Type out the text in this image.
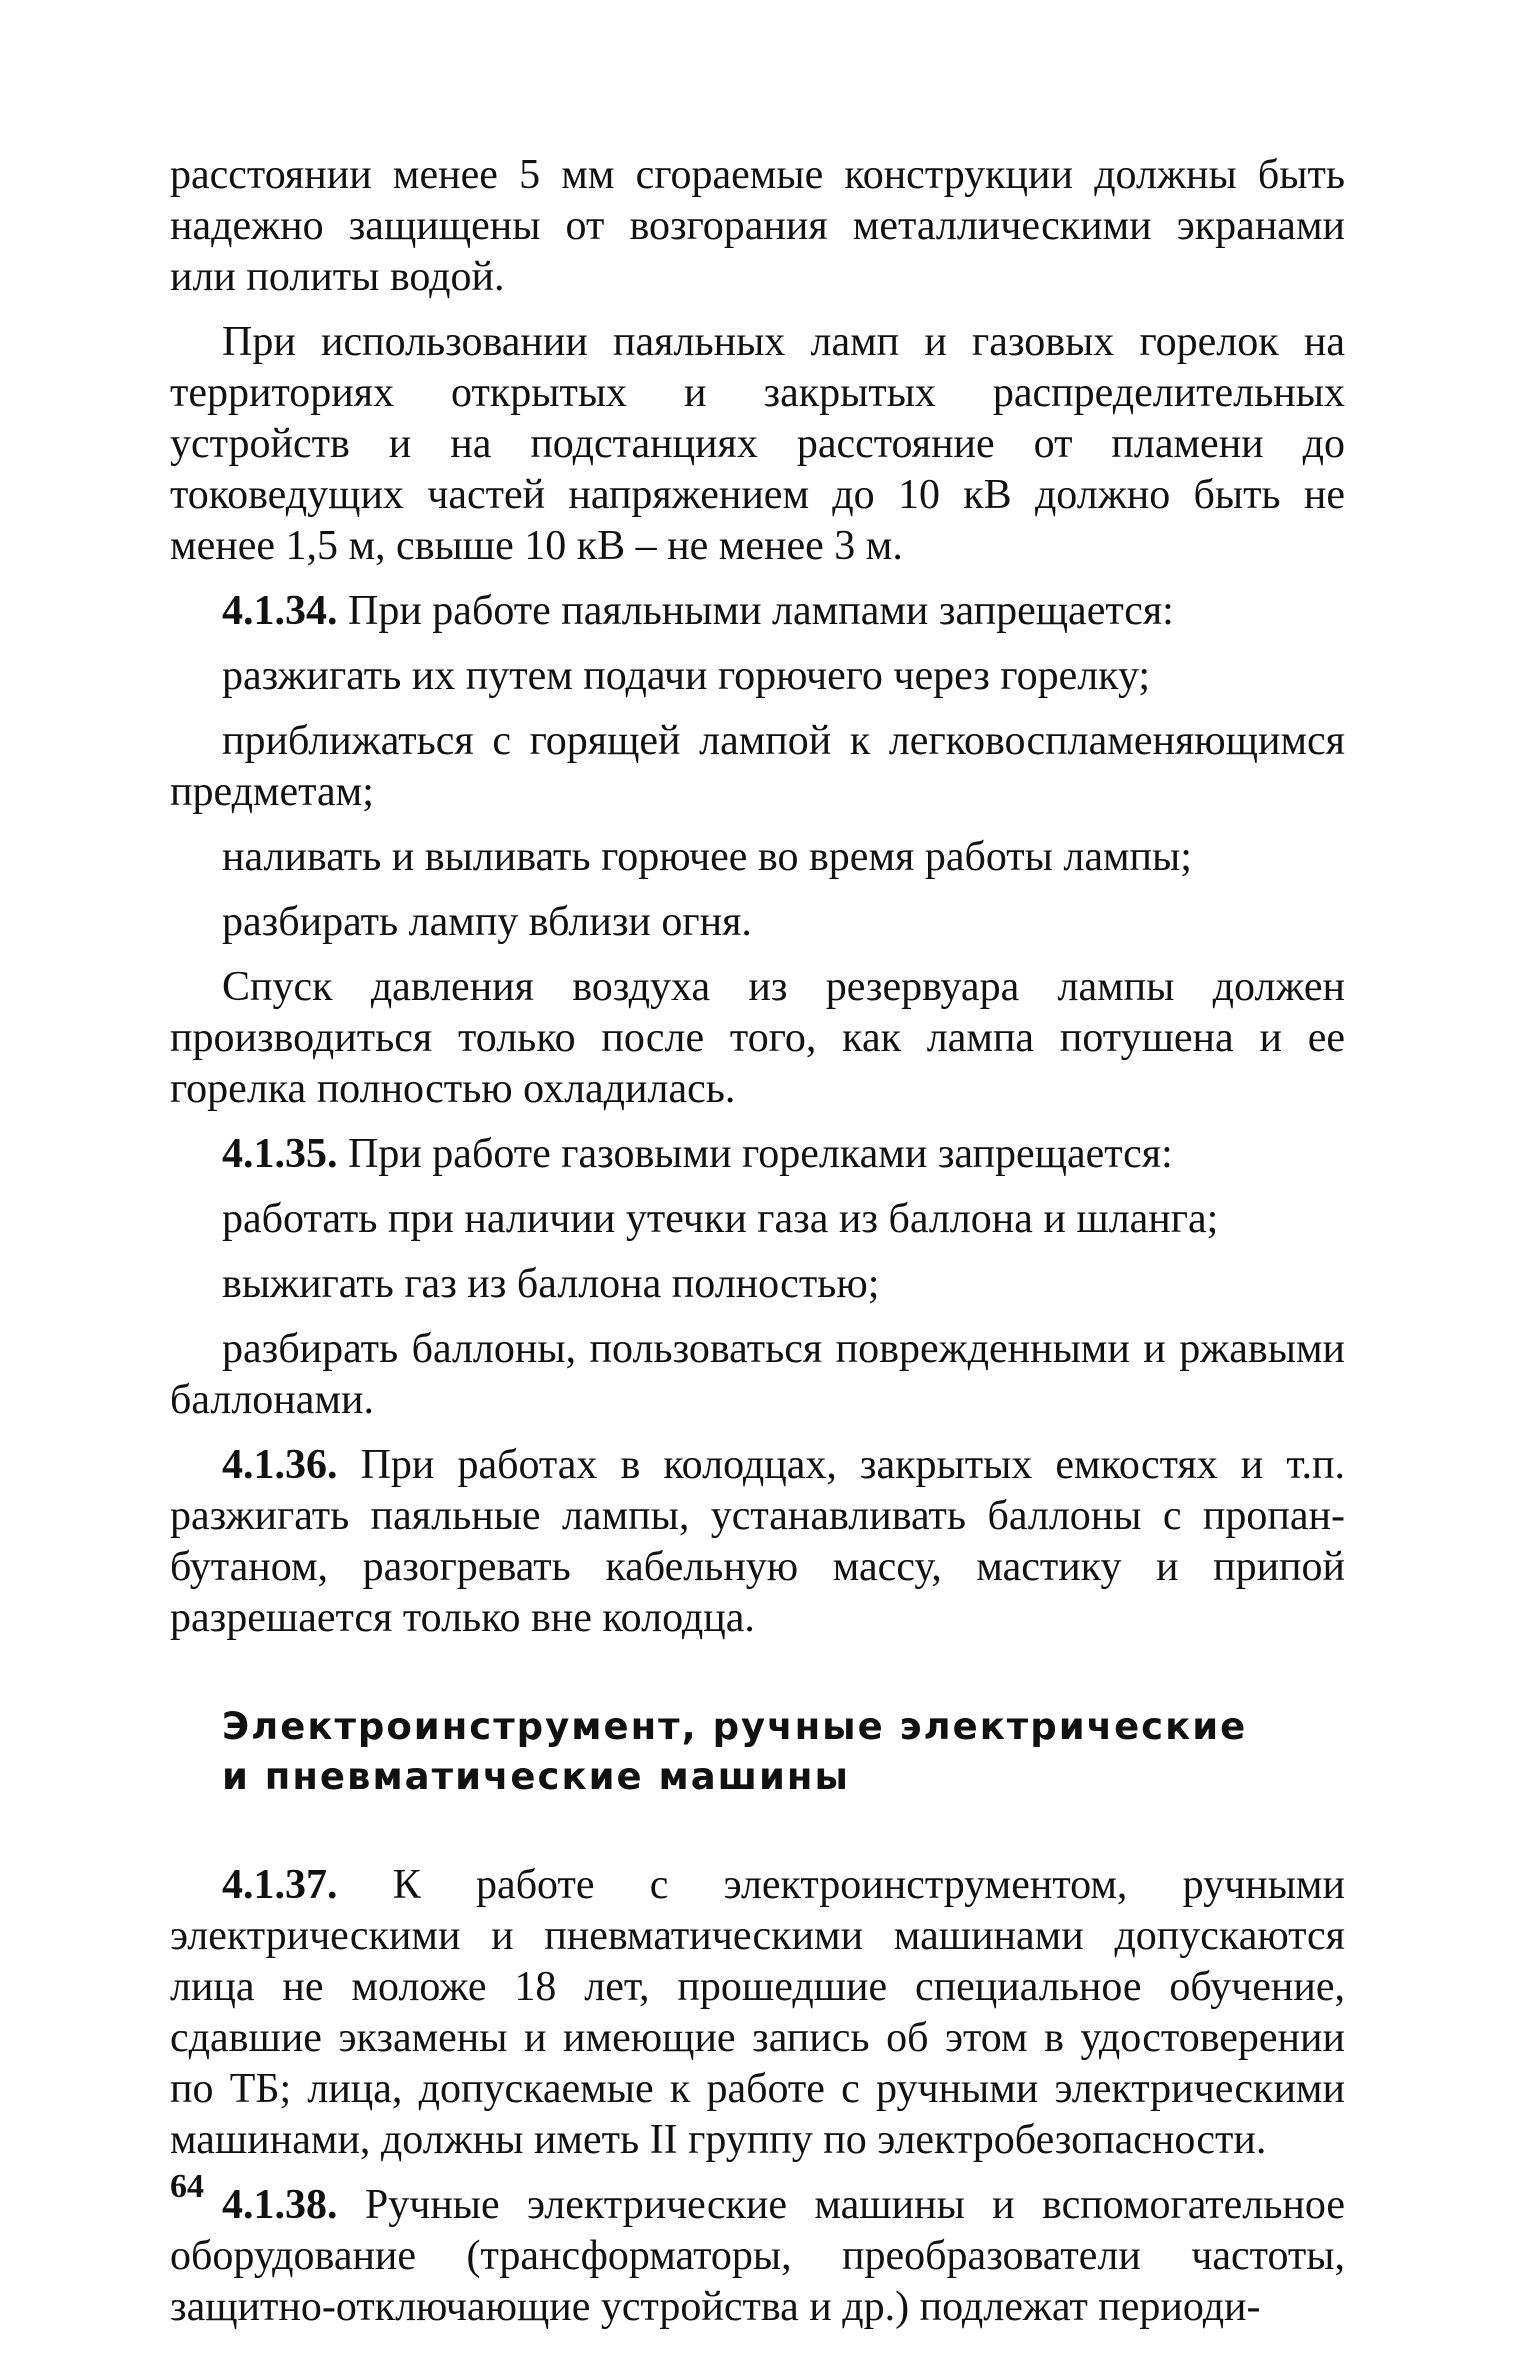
расстоянии менее 5 мм сгораемые конструкции должны быть надежно защищены от возгорания металлическими экранами или политы водой.

При использовании паяльных ламп и газовых горелок на территориях открытых и закрытых распределительных устройств и на подстанциях расстояние от пламени до токоведущих частей напряжением до 10 кВ должно быть не менее 1,5 м, свыше 10 кВ – не менее 3 м.

4.1.34. При работе паяльными лампами запрещается:

разжигать их путем подачи горючего через горелку;

приближаться с горящей лампой к легковоспламеняющимся предметам;

наливать и выливать горючее во время работы лампы;

разбирать лампу вблизи огня.

Спуск давления воздуха из резервуара лампы должен производиться только после того, как лампа потушена и ее горелка полностью охладилась.

4.1.35. При работе газовыми горелками запрещается:

работать при наличии утечки газа из баллона и шланга;

выжигать газ из баллона полностью;

разбирать баллоны, пользоваться поврежденными и ржавыми баллонами.

4.1.36. При работах в колодцах, закрытых емкостях и т.п. разжигать паяльные лампы, устанавливать баллоны с пропан-бутаном, разогревать кабельную массу, мастику и припой разрешается только вне колодца.

Электроинструмент, ручные электрические
и пневматические машины

4.1.37. К работе с электроинструментом, ручными электрическими и пневматическими машинами допускаются лица не моложе 18 лет, прошедшие специальное обучение, сдавшие экзамены и имеющие запись об этом в удостоверении по ТБ; лица, допускаемые к работе с ручными электрическими машинами, должны иметь II группу по электробезопасности.

4.1.38. Ручные электрические машины и вспомогательное оборудование (трансформаторы, преобразователи частоты, защитно-отключающие устройства и др.) подлежат периоди-

64
